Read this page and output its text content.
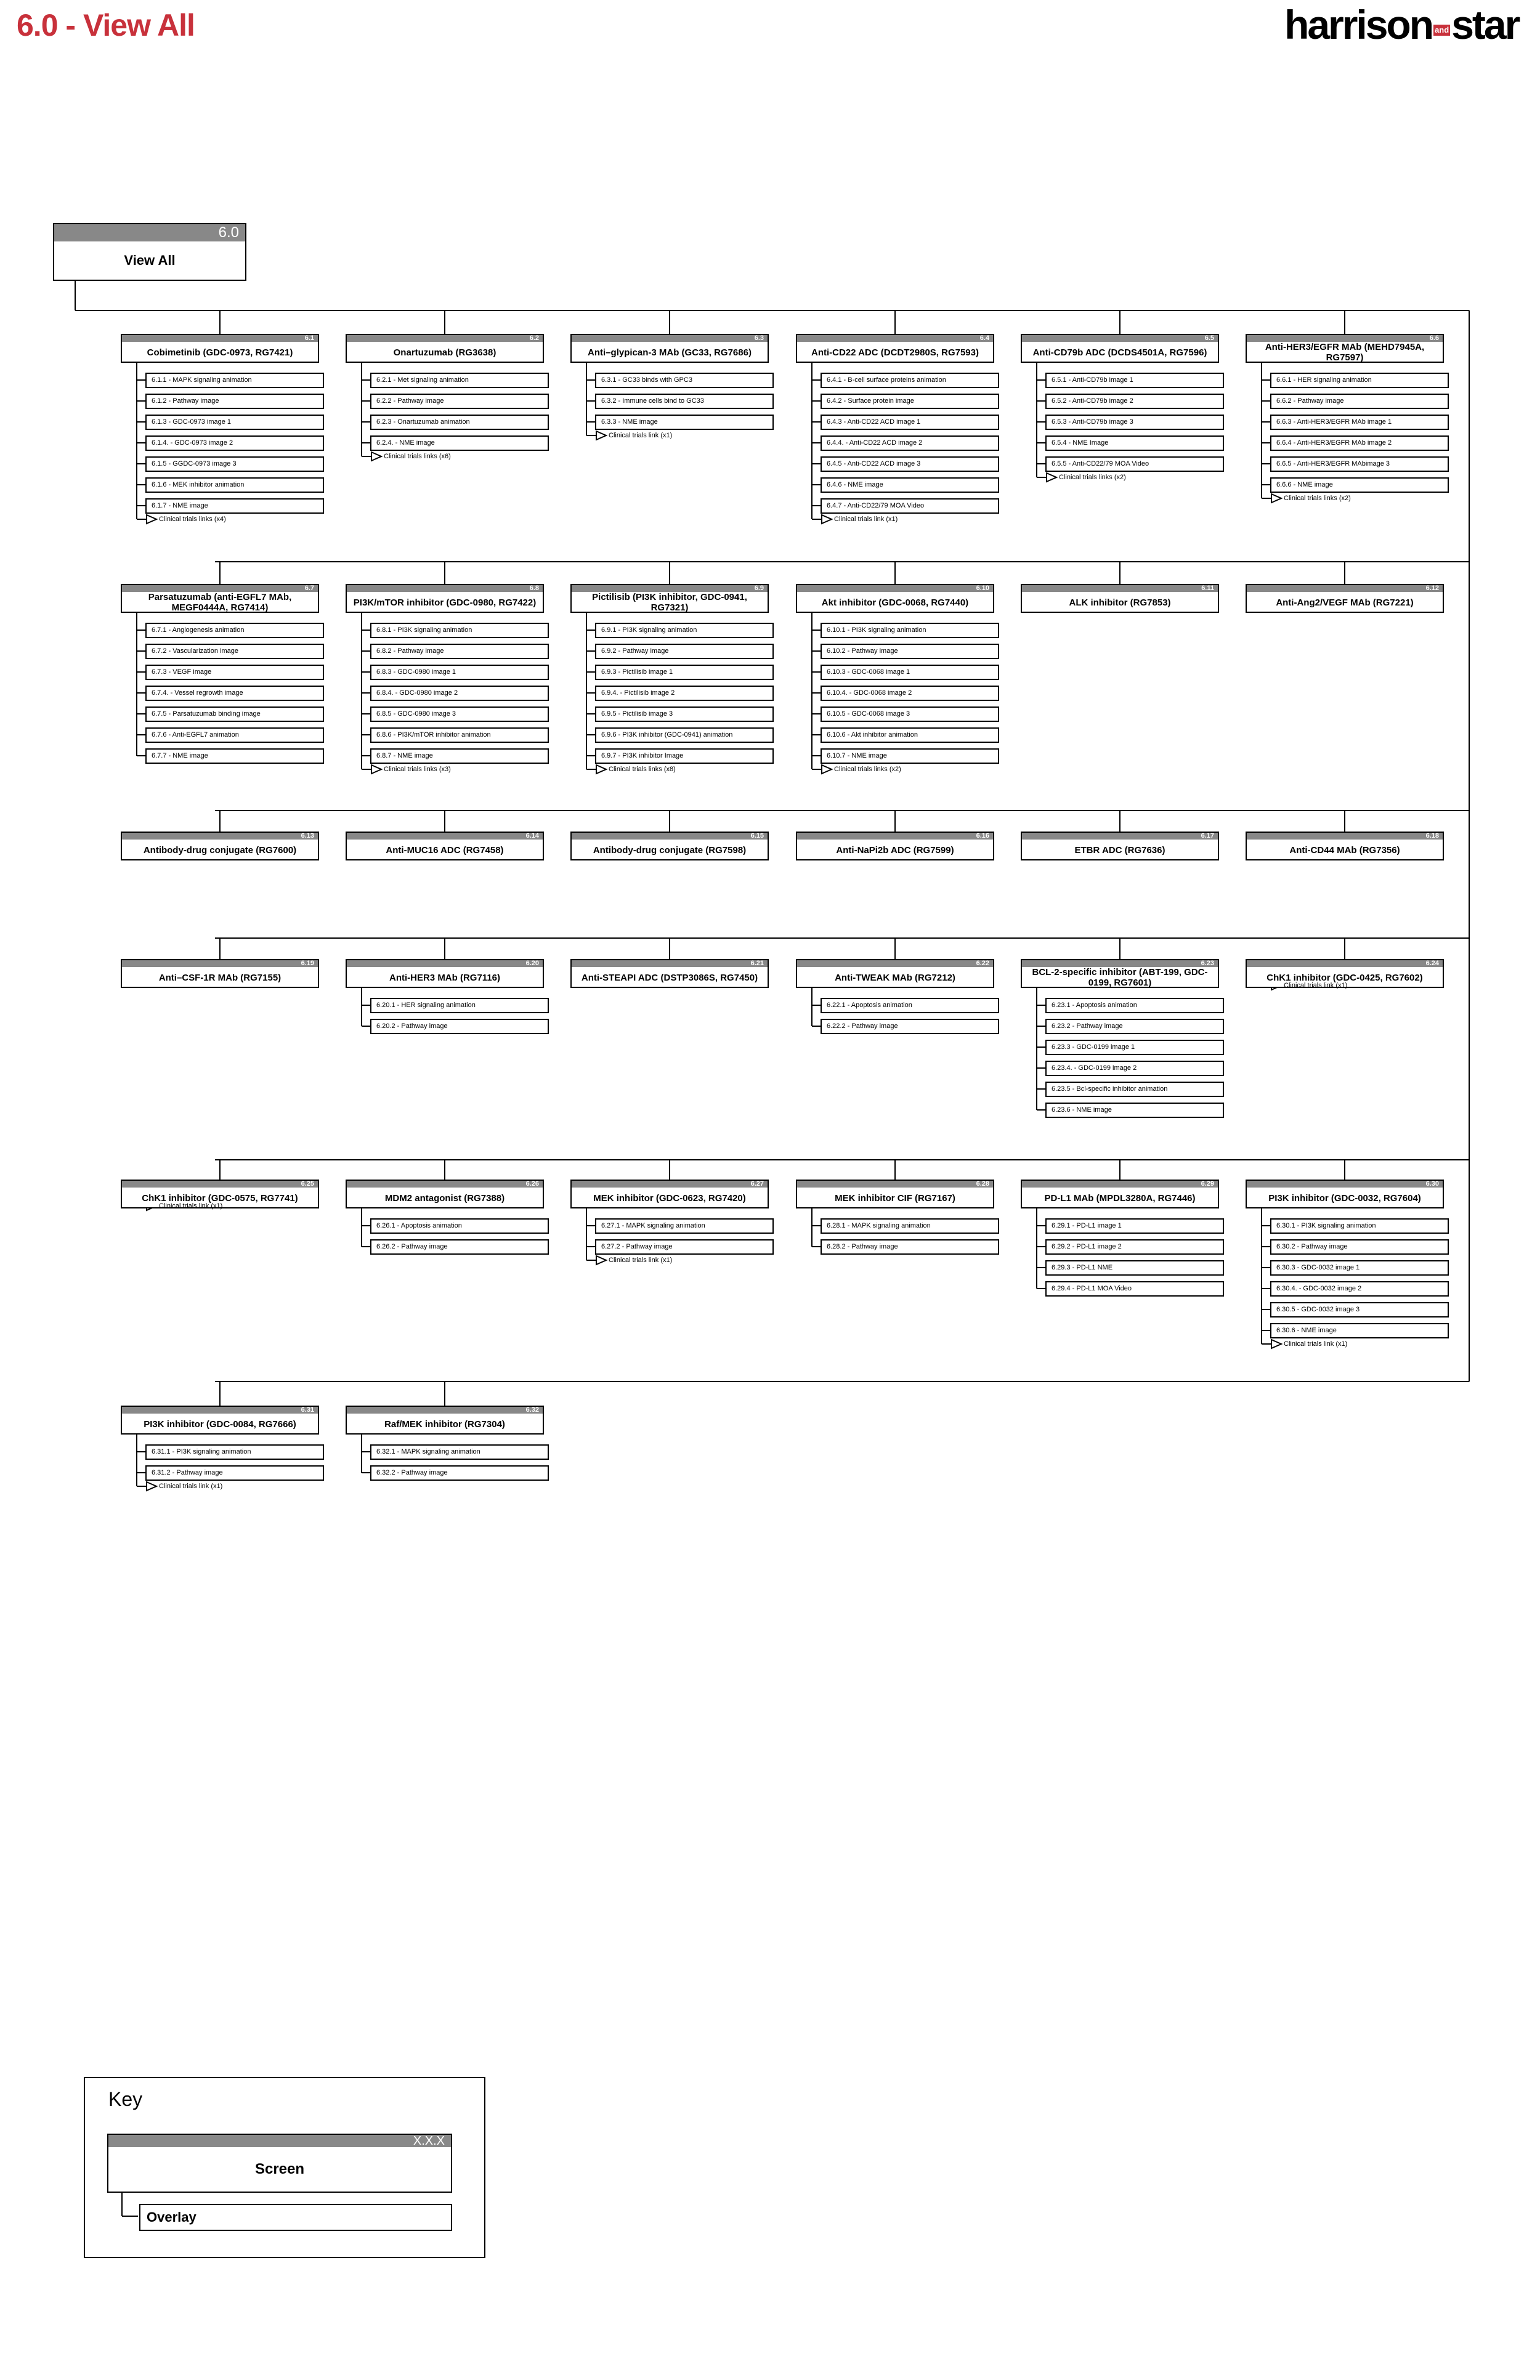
6.0 - View All	harrison andstar
6.0
View All
6.1
Cobimetinib (GDC-0973, RG7421)
6.1.1 - MAPK signaling animation
6.1.2 - Pathway image
6.1.3 - GDC-0973 image 1
6.1.4. - GDC-0973 image 2
6.1.5 - GGDC-0973 image 3
6.1.6 - MEK inhibitor animation
6.1.7 - NME image
Clinical trials links (x4)
6.2
Onartuzumab (RG3638)
6.2.1 - Met signaling animation
6.2.2 - Pathway image
6.2.3 - Onartuzumab animation
6.2.4. - NME image
Clinical trials links (x6)
6.3
Anti–glypican-3 MAb (GC33, RG7686)
6.3.1 - GC33 binds with GPC3
6.3.2 - Immune cells bind to GC33
6.3.3 - NME image
Clinical trials link (x1)
6.4
Anti-CD22 ADC (DCDT2980S, RG7593)
6.4.1 - B-cell surface proteins animation
6.4.2 - Surface protein image
6.4.3 - Anti-CD22 ACD image 1
6.4.4. - Anti-CD22 ACD image 2
6.4.5 - Anti-CD22 ACD image 3
6.4.6 - NME image
6.4.7 - Anti-CD22/79 MOA Video
Clinical trials link (x1)
6.5
Anti-CD79b ADC (DCDS4501A, RG7596)
6.5.1 - Anti-CD79b image 1
6.5.2 - Anti-CD79b image 2
6.5.3 - Anti-CD79b image 3
6.5.4 - NME Image
6.5.5 - Anti-CD22/79 MOA Video
Clinical trials links (x2)
6.6
Anti-HER3/EGFR MAb (MEHD7945A, RG7597)
6.6.1 - HER signaling animation
6.6.2 - Pathway image
6.6.3 - Anti-HER3/EGFR MAb image 1
6.6.4 - Anti-HER3/EGFR MAb image 2
6.6.5 - Anti-HER3/EGFR MAbimage 3
6.6.6 - NME image
Clinical trials links (x2)
6.7
Parsatuzumab (anti-EGFL7 MAb, MEGF0444A, RG7414)
6.7.1 - Angiogenesis animation
6.7.2 - Vascularization image
6.7.3 - VEGF image
6.7.4. - Vessel regrowth image
6.7.5 - Parsatuzumab binding image
6.7.6 - Anti-EGFL7 animation
6.7.7 - NME image
6.8
PI3K/mTOR inhibitor (GDC-0980, RG7422)
6.8.1 - PI3K signaling animation
6.8.2 - Pathway image
6.8.3 - GDC-0980 image 1
6.8.4. - GDC-0980 image 2
6.8.5 - GDC-0980 image 3
6.8.6 - PI3K/mTOR inhibitor animation
6.8.7 - NME image
Clinical trials links (x3)
6.9
Pictilisib (PI3K inhibitor, GDC-0941, RG7321)
6.9.1 - PI3K signaling animation
6.9.2 - Pathway image
6.9.3 - Pictilisib image 1
6.9.4. - Pictilisib image 2
6.9.5 - Pictilisib image 3
6.9.6 - PI3K inhibitor (GDC-0941) animation
6.9.7 - PI3K inhibitor Image
Clinical trials links (x8)
6.10
Akt inhibitor (GDC-0068, RG7440)
6.10.1 - PI3K signaling animation
6.10.2 - Pathway image
6.10.3 - GDC-0068 image 1
6.10.4. - GDC-0068 image 2
6.10.5 - GDC-0068 image 3
6.10.6 - Akt inhibitor animation
6.10.7 - NME image
Clinical trials links (x2)
6.11
ALK inhibitor (RG7853)
6.12
Anti-Ang2/VEGF MAb (RG7221)
6.13
Antibody-drug conjugate (RG7600)
6.14
Anti-MUC16 ADC (RG7458)
6.15
Antibody-drug conjugate (RG7598)
6.16
Anti-NaPi2b ADC (RG7599)
6.17
ETBR ADC (RG7636)
6.18
Anti-CD44 MAb (RG7356)
6.19
Anti–CSF-1R MAb (RG7155)
6.20
Anti-HER3 MAb (RG7116)
6.20.1 - HER signaling animation
6.20.2 - Pathway image
6.21
Anti-STEAPI ADC (DSTP3086S, RG7450)
6.22
Anti-TWEAK MAb (RG7212)
6.22.1 - Apoptosis animation
6.22.2 - Pathway image
6.23
BCL-2-specific inhibitor (ABT-199, GDC-0199, RG7601)
6.23.1 - Apoptosis animation
6.23.2 - Pathway image
6.23.3 - GDC-0199 image 1
6.23.4. - GDC-0199 image 2
6.23.5 - Bcl-specific inhibitor animation
6.23.6 - NME image
6.24
ChK1 inhibitor (GDC-0425, RG7602)
Clinical trials link (x1)
6.25
ChK1 inhibitor (GDC-0575, RG7741)
Clinical trials link (x1)
6.26
MDM2 antagonist (RG7388)
6.26.1 - Apoptosis animation
6.26.2 - Pathway image
6.27
MEK inhibitor (GDC-0623, RG7420)
6.27.1 - MAPK signaling animation
6.27.2 - Pathway image
Clinical trials link (x1)
6.28
MEK inhibitor CIF (RG7167)
6.28.1 - MAPK signaling animation
6.28.2 - Pathway image
6.29
PD-L1 MAb (MPDL3280A, RG7446)
6.29.1 - PD-L1 image 1
6.29.2 - PD-L1 image 2
6.29.3 - PD-L1 NME
6.29.4 - PD-L1 MOA Video
6.30
PI3K inhibitor (GDC-0032, RG7604)
6.30.1 - PI3K signaling animation
6.30.2 - Pathway image
6.30.3 - GDC-0032 image 1
6.30.4. - GDC-0032 image 2
6.30.5 - GDC-0032 image 3
6.30.6 - NME image
Clinical trials link (x1)
6.31
PI3K inhibitor (GDC-0084, RG7666)
6.31.1 - PI3K signaling animation
6.31.2 - Pathway image
Clinical trials link (x1)
6.32
Raf/MEK inhibitor (RG7304)
6.32.1 - MAPK signaling animation
6.32.2 - Pathway image
Key
X.X.X
Screen
Overlay
